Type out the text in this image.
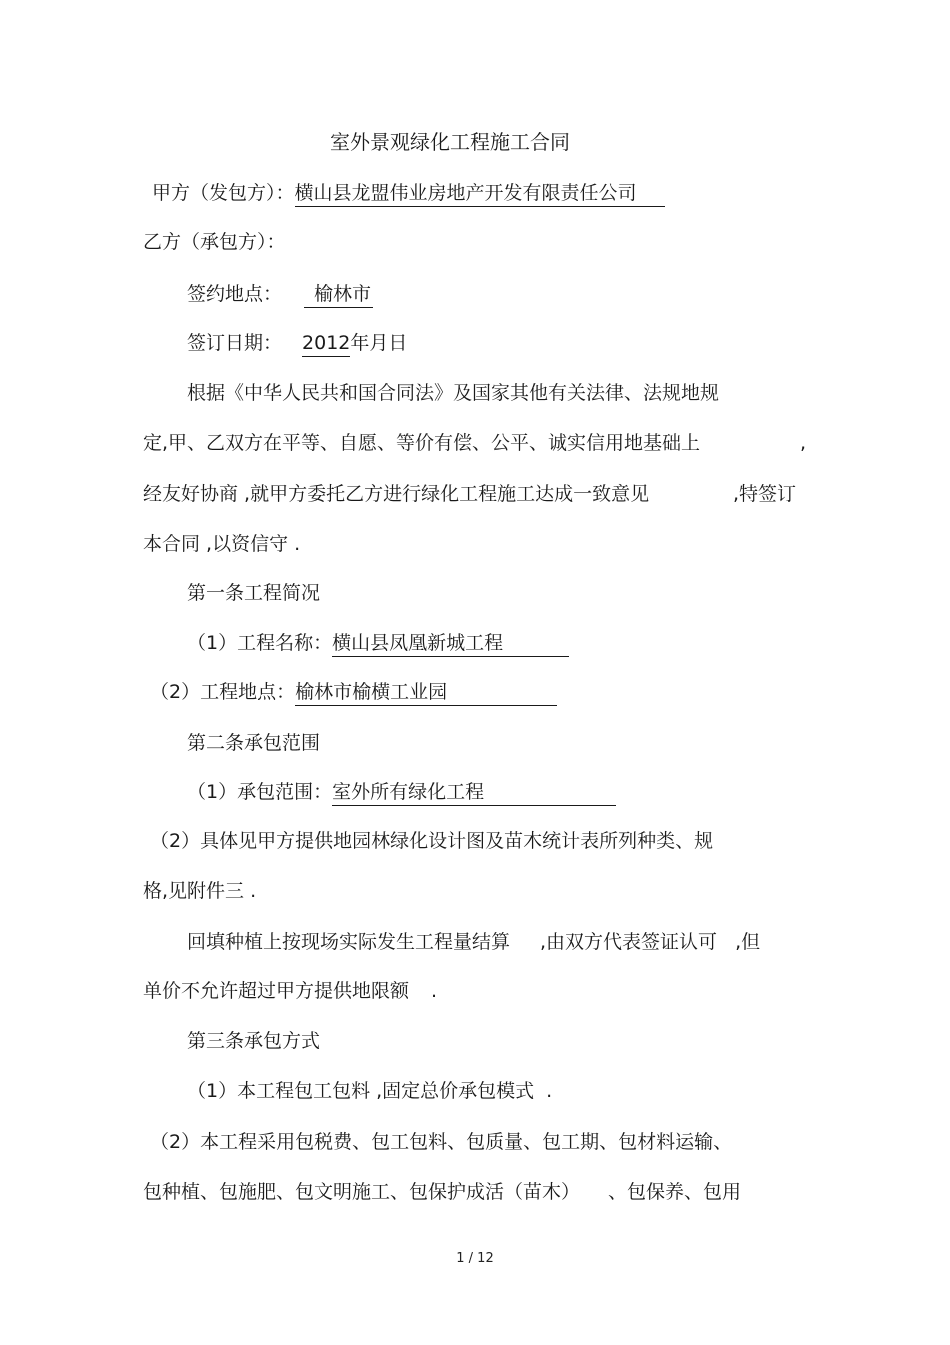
室外景观绿化工程施工合同
甲方（发包方）：横山县龙盟伟业房地产开发有限责任公司
乙方（承包方）：
签约地点： 榆林市
签订日期： 2012年月日
根据《中华人民共和国合同法》及国家其他有关法律、法规地规
定,甲、乙双方在平等、自愿、等价有偿、公平、诚实信用地基础上	,
经友好协商 ,就甲方委托乙方进行绿化工程施工达成一致意见	,特签订
本合同 ,以资信守 .
第一条工程简况
（1）工程名称：横山县凤凰新城工程
（2）工程地点：榆林市榆横工业园
第二条承包范围
（1）承包范围：室外所有绿化工程
（2）具体见甲方提供地园林绿化设计图及苗木统计表所列种类、规
格,见附件三 .
回填种植上按现场实际发生工程量结算 ,由双方代表签证认可 ,但
单价不允许超过甲方提供地限额 .
第三条承包方式
（1）本工程包工包料 ,固定总价承包模式 .
（2）本工程采用包税费、包工包料、包质量、包工期、包材料运输、
包种植、包施肥、包文明施工、包保护成活（苗木） 、包保养、包用
1 / 12
